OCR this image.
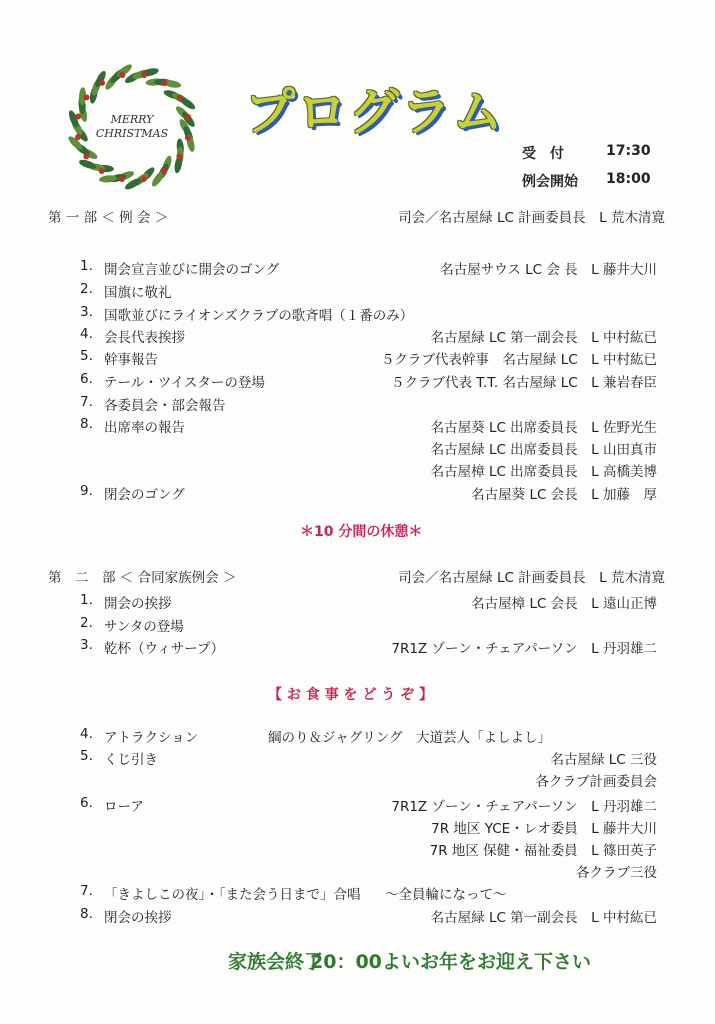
MERRY
CHRISTMAS プログラム
受　付	17:30
例会開始 18:00
第 一 部 ＜ 例 会 ＞	司会／名古屋緑 LC 計画委員長　L 荒木清寛
1. 開会宣言並びに開会のゴング	名古屋サウス LC 会 長　L 藤井大川
2. 国旗に敬礼
3. 国歌並びにライオンズクラブの歌斉唱（１番のみ）
4. 会長代表挨拶	名古屋緑 LC 第一副会長　L 中村紘已
5. 幹事報告	５クラブ代表幹事　名古屋緑 LC　L 中村紘已
6. テール・ツイスターの登場	５クラブ代表 T.T. 名古屋緑 LC　L 兼岩春臣
7. 各委員会・部会報告
8. 出席率の報告	名古屋葵 LC 出席委員長　L 佐野光生
名古屋緑 LC 出席委員長　L 山田真市
名古屋樟 LC 出席委員長　L 高橋美博
9. 閉会のゴング	名古屋葵 LC 会長　L 加藤　厚
＊10 分間の休憩＊
第　二　部 ＜ 合同家族例会 ＞	司会／名古屋緑 LC 計画委員長　L 荒木清寛
1. 開会の挨拶	名古屋樟 LC 会長　L 遠山正博
2. サンタの登場
3. 乾杯（ウィサープ）	7R1Z ゾーン・チェアパーソン　L 丹羽雄二
【 お 食 事 を ど う ぞ 】
4. アトラクション	綱のり＆ジャグリング　大道芸人「よしよし」
5. くじ引き	名古屋緑 LC 三役
各クラブ計画委員会
6. ローア	7R1Z ゾーン・チェアパーソン　L 丹羽雄二
7R 地区 YCE・レオ委員　L 藤井大川
7R 地区 保健・福祉委員　L 篠田英子
各クラブ三役
7. 「きよしこの夜」・「また会う日まで」合唱 ～全員輪になって～
8. 閉会の挨拶	名古屋緑 LC 第一副会長　L 中村紘已
家族会終了
20：00 よいお年をお迎え下さい
